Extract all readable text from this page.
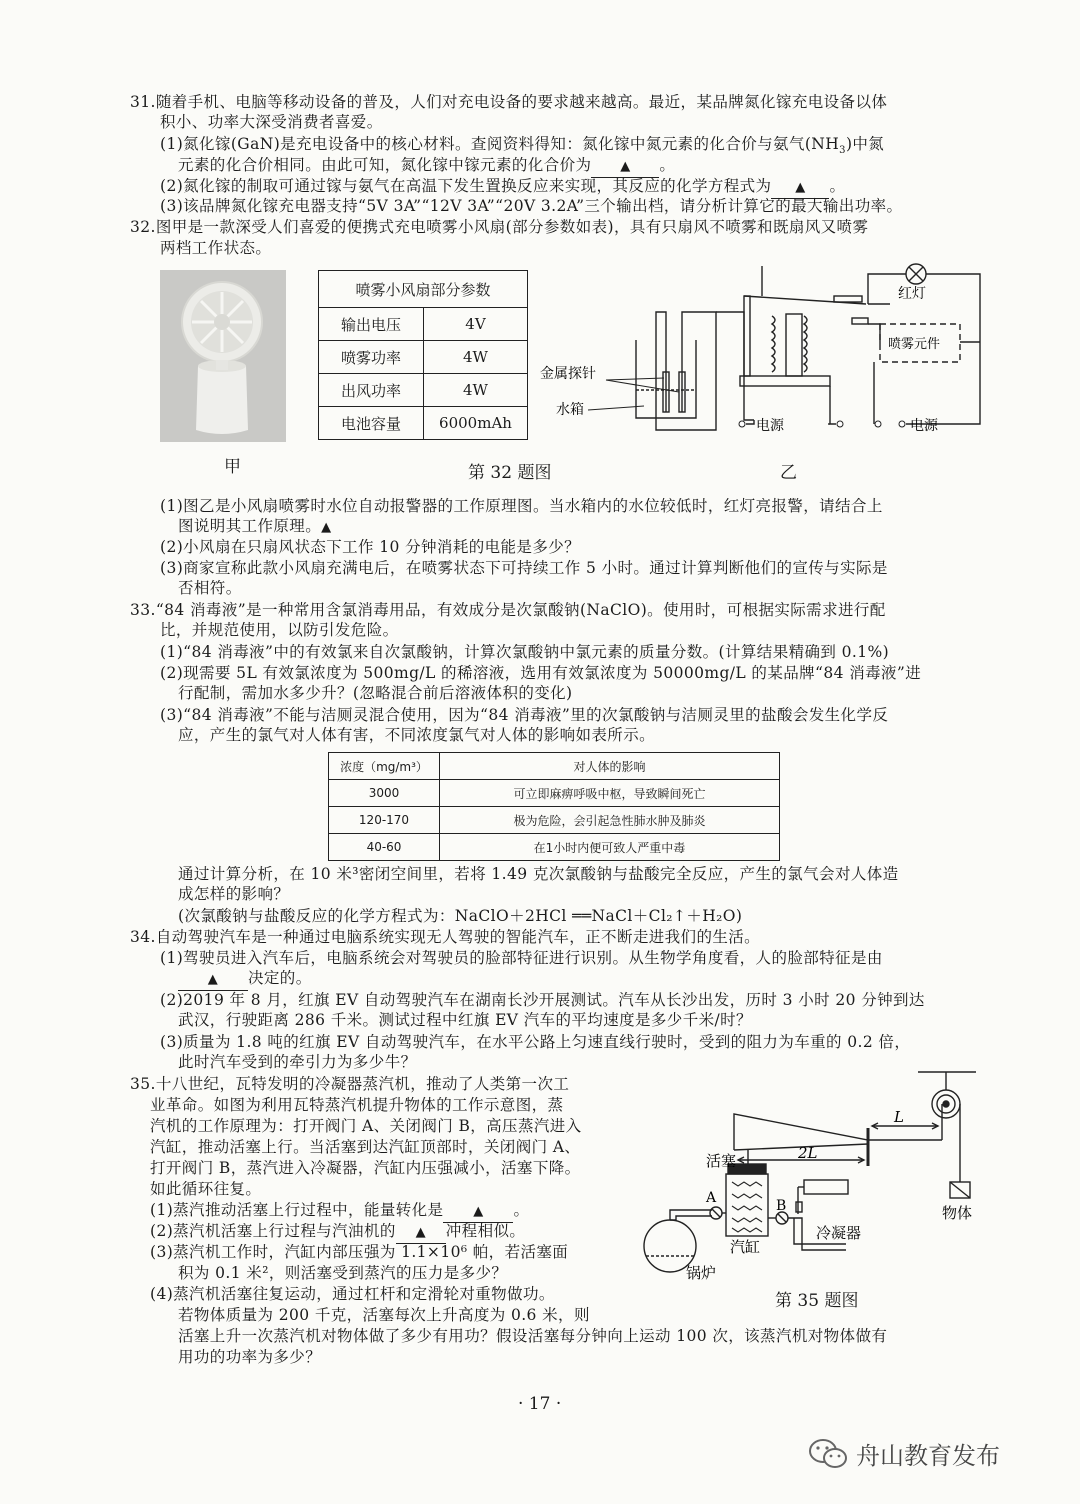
31.随着手机、电脑等移动设备的普及，人们对充电设备的要求越来越高。最近，某品牌氮化镓充电设备以体
积小、功率大深受消费者喜爱。
(1)氮化镓(GaN)是充电设备中的核心材料。查阅资料得知：氮化镓中氮元素的化合价与氨气$(NH_3)$中氮
元素的化合价相同。由此可知，氮化镓中镓元素的化合价为 ▲ 。
(2)氮化镓的制取可通过镓与氨气在高温下发生置换反应来实现，其反应的化学方程式为 ▲ 。
(3)该品牌氮化镓充电器支持“5V 3A”“12V 3A”“20V 3.2A”三个输出档，请分析计算它的最大输出功率。
32.图甲是一款深受人们喜爱的便携式充电喷雾小风扇(部分参数如表)，具有只扇风不喷雾和既扇风又喷雾
两档工作状态。
甲
喷雾小风扇部分参数	
输出电压	4V
喷雾功率	4W
出风功率	4W
电池容量	6000mAh
第 32 题图
金属探针
水箱
电源	电源
红灯
喷雾元件
乙
(1)图乙是小风扇喷雾时水位自动报警器的工作原理图。当水箱内的水位较低时，红灯亮报警，请结合上
图说明其工作原理。▲
(2)小风扇在只扇风状态下工作 10 分钟消耗的电能是多少？
(3)商家宣称此款小风扇充满电后，在喷雾状态下可持续工作 5 小时。通过计算判断他们的宣传与实际是
否相符。
33.“84 消毒液”是一种常用含氯消毒用品，有效成分是次氯酸钠(NaClO)。使用时，可根据实际需求进行配
比，并规范使用，以防引发危险。
(1)“84 消毒液”中的有效氯来自次氯酸钠，计算次氯酸钠中氯元素的质量分数。(计算结果精确到 0.1%)
(2)现需要 5L 有效氯浓度为 500mg/L 的稀溶液，选用有效氯浓度为 50000mg/L 的某品牌“84 消毒液”进
行配制，需加水多少升？(忽略混合前后溶液体积的变化)
(3)“84 消毒液”不能与洁厕灵混合使用，因为“84 消毒液”里的次氯酸钠与洁厕灵里的盐酸会发生化学反
应，产生的氯气对人体有害，不同浓度氯气对人体的影响如表所示。
浓度（mg/m³）	对人体的影响
3000	可立即麻痹呼吸中枢，导致瞬间死亡
120-170	极为危险，会引起急性肺水肿及肺炎
40-60	在1小时内便可致人严重中毒
通过计算分析，在 10 米³密闭空间里，若将 1.49 克次氯酸钠与盐酸完全反应，产生的氯气会对人体造
成怎样的影响？
(次氯酸钠与盐酸反应的化学方程式为：NaClO＋2HCl ══NaCl＋Cl₂↑＋H₂O)
34.自动驾驶汽车是一种通过电脑系统实现无人驾驶的智能汽车，正不断走进我们的生活。
(1)驾驶员进入汽车后，电脑系统会对驾驶员的脸部特征进行识别。从生物学角度看，人的脸部特征是由
▲ 决定的。
(2)2019 年 8 月，红旗 EV 自动驾驶汽车在湖南长沙开展测试。汽车从长沙出发，历时 3 小时 20 分钟到达
武汉，行驶距离 286 千米。测试过程中红旗 EV 汽车的平均速度是多少千米/时？
(3)质量为 1.8 吨的红旗 EV 自动驾驶汽车，在水平公路上匀速直线行驶时，受到的阻力为车重的 0.2 倍，
此时汽车受到的牵引力为多少牛？
35.十八世纪，瓦特发明的冷凝器蒸汽机，推动了人类第一次工
业革命。如图为利用瓦特蒸汽机提升物体的工作示意图，蒸
汽机的工作原理为：打开阀门 A、关闭阀门 B，高压蒸汽进入
汽缸，推动活塞上行。当活塞到达汽缸顶部时，关闭阀门 A、
打开阀门 B，蒸汽进入冷凝器，汽缸内压强减小，活塞下降。
如此循环往复。
(1)蒸汽推动活塞上行过程中，能量转化是 ▲ 。
(2)蒸汽机活塞上行过程与汽油机的 ▲ 冲程相似。
(3)蒸汽机工作时，汽缸内部压强为 1.1×10⁶ 帕，若活塞面
积为 0.1 米²，则活塞受到蒸汽的压力是多少？
(4)蒸汽机活塞往复运动，通过杠杆和定滑轮对重物做功。
若物体质量为 200 千克，活塞每次上升高度为 0.6 米，则
活塞上升一次蒸汽机对物体做了多少有用功？假设活塞每分钟向上运动 100 次，该蒸汽机对物体做有
用功的功率为多少？
L
2L
活塞
物体
A	B
冷凝器
汽缸
锅炉
第 35 题图
· 17 ·
舟山教育发布
